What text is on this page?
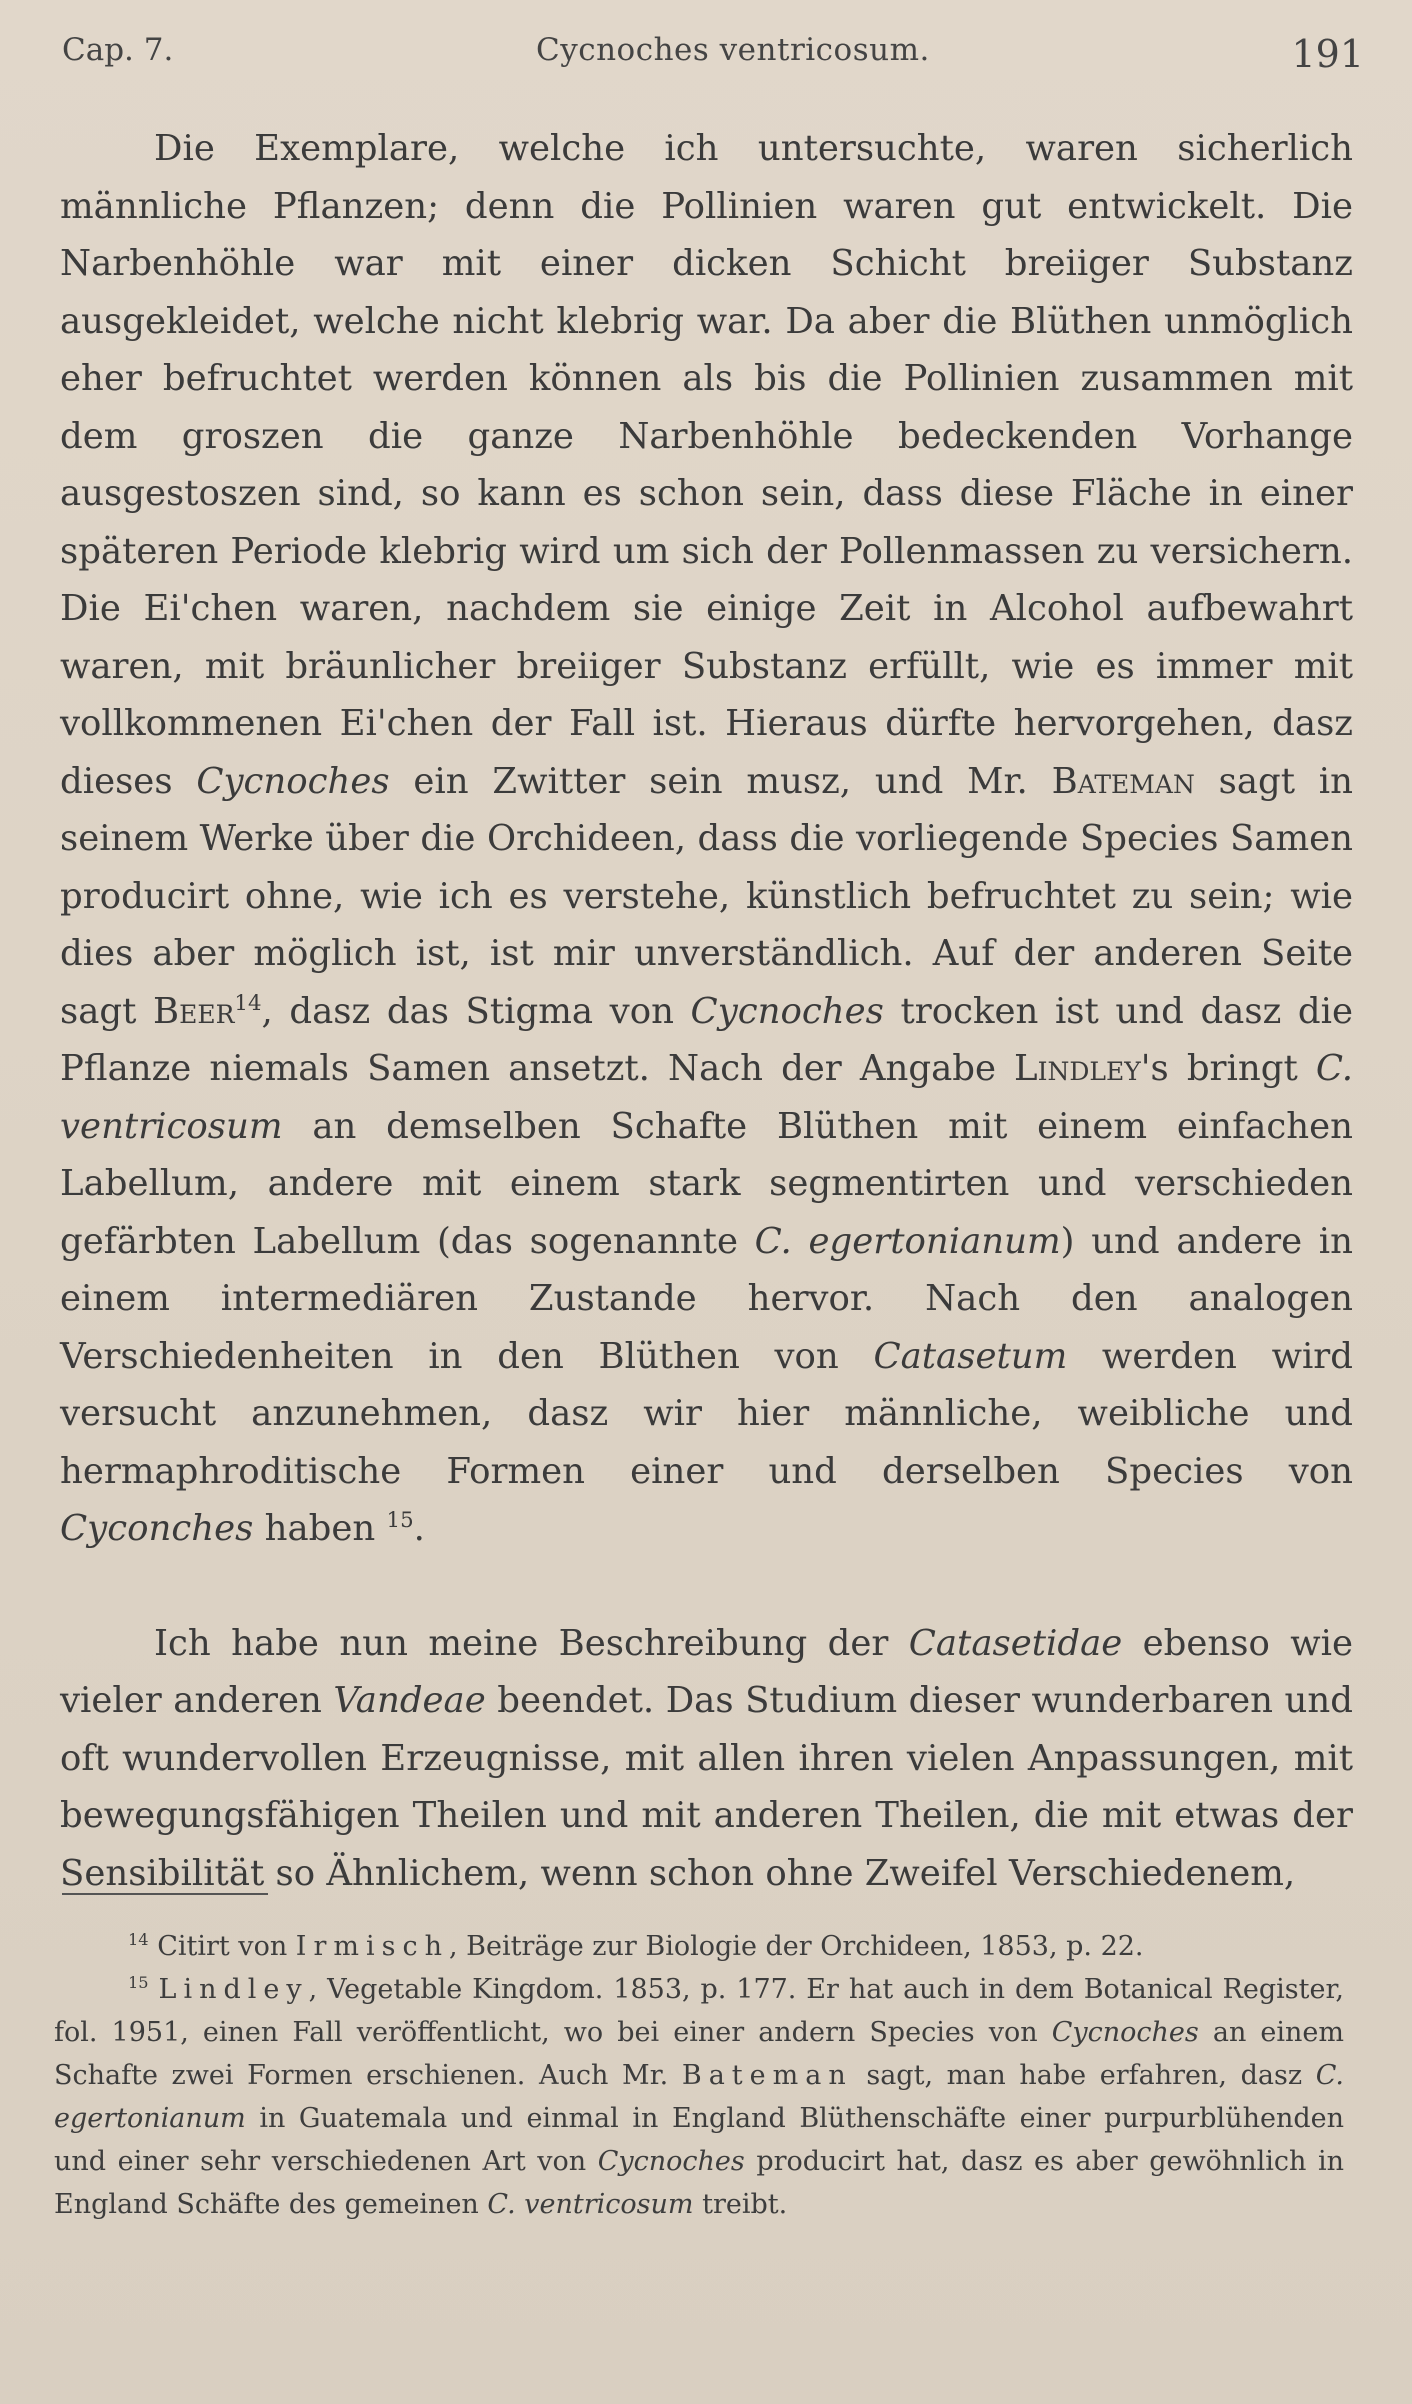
Cap. 7.	Cycnoches ventricosum.	191

Die Exemplare, welche ich untersuchte, waren sicherlich männliche Pflanzen; denn die Pollinien waren gut entwickelt. Die Narbenhöhle war mit einer dicken Schicht breiiger Substanz ausgekleidet, welche nicht klebrig war. Da aber die Blüthen unmöglich eher befruchtet werden können als bis die Pollinien zusammen mit dem groszen die ganze Narbenhöhle bedeckenden Vorhange ausgestoszen sind, so kann es schon sein, dass diese Fläche in einer späteren Periode klebrig wird um sich der Pollenmassen zu versichern. Die Ei'chen waren, nachdem sie einige Zeit in Alcohol aufbewahrt waren, mit bräunlicher breiiger Substanz erfüllt, wie es immer mit vollkommenen Ei'chen der Fall ist. Hieraus dürfte hervorgehen, dasz dieses Cycnoches ein Zwitter sein musz, und Mr. Bateman sagt in seinem Werke über die Orchideen, dass die vorliegende Species Samen producirt ohne, wie ich es verstehe, künstlich befruchtet zu sein; wie dies aber möglich ist, ist mir unverständlich. Auf der anderen Seite sagt Beer$^{14}$, dasz das Stigma von Cycnoches trocken ist und dasz die Pflanze niemals Samen ansetzt. Nach der Angabe Lindley's bringt C. ventricosum an demselben Schafte Blüthen mit einem einfachen Labellum, andere mit einem stark segmentirten und verschieden gefärbten Labellum (das sogenannte C. egertonianum) und andere in einem intermediären Zustande hervor. Nach den analogen Verschiedenheiten in den Blüthen von Catasetum werden wird versucht anzunehmen, dasz wir hier männliche, weibliche und hermaphroditische Formen einer und derselben Species von Cyconches haben $^{15}$.

Ich habe nun meine Beschreibung der Catasetidae ebenso wie vieler anderen Vandeae beendet. Das Studium dieser wunderbaren und oft wundervollen Erzeugnisse, mit allen ihren vielen Anpassungen, mit bewegungsfähigen Theilen und mit anderen Theilen, die mit etwas der Sensibilität so Ähnlichem, wenn schon ohne Zweifel Verschiedenem,

$^{14}$ Citirt von Irmisch, Beiträge zur Biologie der Orchideen, 1853, p. 22.

$^{15}$ Lindley, Vegetable Kingdom. 1853, p. 177. Er hat auch in dem Botanical Register, fol. 1951, einen Fall veröffentlicht, wo bei einer andern Species von Cycnoches an einem Schafte zwei Formen erschienen. Auch Mr. Bateman sagt, man habe erfahren, dasz C. egertonianum in Guatemala und einmal in England Blüthenschäfte einer purpurblühenden und einer sehr verschiedenen Art von Cycnoches producirt hat, dasz es aber gewöhnlich in England Schäfte des gemeinen C. ventricosum treibt.
